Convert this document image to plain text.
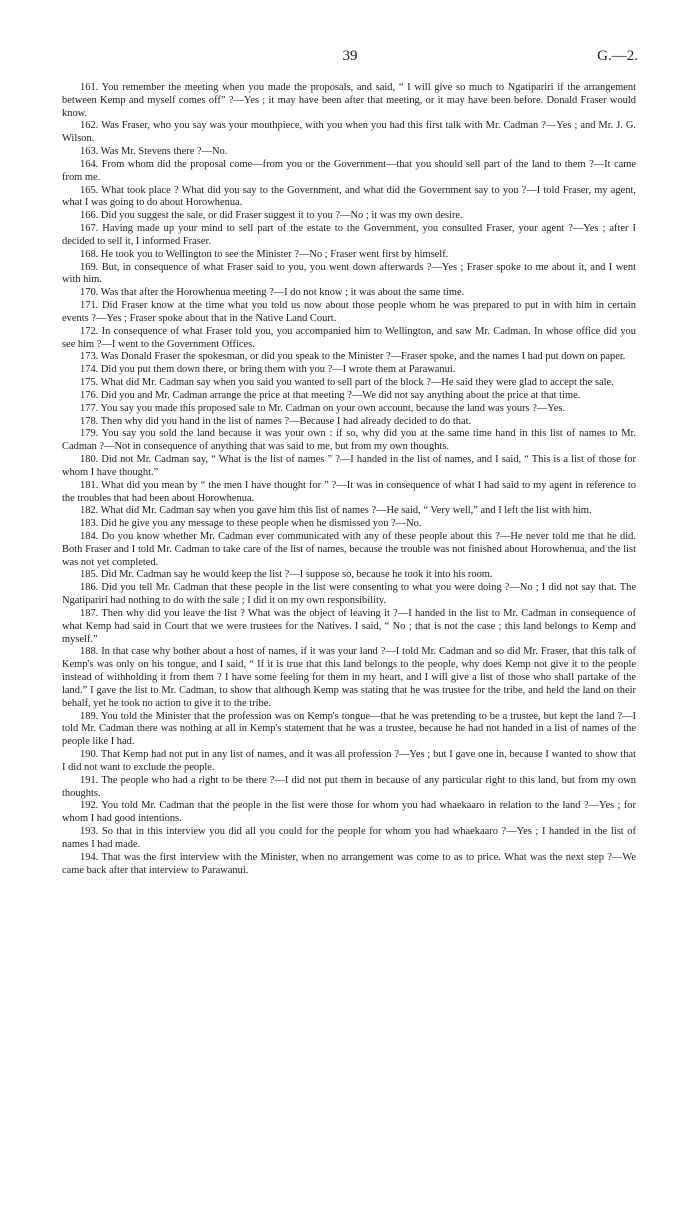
39	G.—2.

161. You remember the meeting when you made the proposals, and said, “ I will give so much to Ngatipariri if the arrangement between Kemp and myself comes off” ?—Yes ; it may have been after that meeting, or it may have been before. Donald Fraser would know.

162. Was Fraser, who you say was your mouthpiece, with you when you had this first talk with Mr. Cadman ?—Yes ; and Mr. J. G. Wilson.

163. Was Mr. Stevens there ?—No.

164. From whom did the proposal come—from you or the Government—that you should sell part of the land to them ?—It came from me.

165. What took place ? What did you say to the Government, and what did the Government say to you ?—I told Fraser, my agent, what I was going to do about Horowhenua.

166. Did you suggest the sale, or did Fraser suggest it to you ?—No ; it was my own desire.

167. Having made up your mind to sell part of the estate to the Government, you consulted Fraser, your agent ?—Yes ; after I decided to sell it, I informed Fraser.

168. He took you to Wellington to see the Minister ?—No ; Fraser went first by himself.

169. But, in consequence of what Fraser said to you, you went down afterwards ?—Yes ; Fraser spoke to me about it, and I went with him.

170. Was that after the Horowhenua meeting ?—I do not know ; it was about the same time.

171. Did Fraser know at the time what you told us now about those people whom he was prepared to put in with him in certain events ?—Yes ; Fraser spoke about that in the Native Land Court.

172. In consequence of what Fraser told you, you accompanied him to Wellington, and saw Mr. Cadman. In whose office did you see him ?—I went to the Government Offices.

173. Was Donald Fraser the spokesman, or did you speak to the Minister ?—Fraser spoke, and the names I had put down on paper.

174. Did you put them down there, or bring them with you ?—I wrote them at Parawanui.

175. What did Mr. Cadman say when you said you wanted to sell part of the block ?—He said they were glad to accept the sale.

176. Did you and Mr. Cadman arrange the price at that meeting ?—We did not say anything about the price at that time.

177. You say you made this proposed sale to Mr. Cadman on your own account, because the land was yours ?—Yes.

178. Then why did you hand in the list of names ?—Because I had already decided to do that.

179. You say you sold the land because it was your own : if so, why did you at the same time hand in this list of names to Mr. Cadman ?—Not in consequence of anything that was said to me, but from my own thoughts.

180. Did not Mr. Cadman say, “ What is the list of names ” ?—I handed in the list of names, and I said, “ This is a list of those for whom I have thought.”

181. What did you mean by “ the men I have thought for ” ?—It was in consequence of what I had said to my agent in reference to the troubles that had been about Horowhenua.

182. What did Mr. Cadman say when you gave him this list of names ?—He said, “ Very well,” and I left the list with him.

183. Did he give you any message to these people when he dismissed you ?—No.

184. Do you know whether Mr. Cadman ever communicated with any of these people about this ?—He never told me that he did. Both Fraser and I told Mr. Cadman to take care of the list of names, because the trouble was not finished about Horowhenua, and the list was not yet completed.

185. Did Mr. Cadman say he would keep the list ?—I suppose so, because he took it into his room.

186. Did you tell Mr. Cadman that these people in the list were consenting to what you were doing ?—No ; I did not say that. The Ngatipariri had nothing to do with the sale ; I did it on my own responsibility.

187. Then why did you leave the list ? What was the object of leaving it ?—I handed in the list to Mr. Cadman in consequence of what Kemp had said in Court that we were trustees for the Natives. I said, “ No ; that is not the case ; this land belongs to Kemp and myself.”

188. In that case why bother about a host of names, if it was your land ?—I told Mr. Cadman and so did Mr. Fraser, that this talk of Kemp's was only on his tongue, and I said, “ If it is true that this land belongs to the people, why does Kemp not give it to the people instead of withholding it from them ? I have some feeling for them in my heart, and I will give a list of those who shall partake of the land.” I gave the list to Mr. Cadman, to show that although Kemp was stating that he was trustee for the tribe, and held the land on their behalf, yet he took no action to give it to the tribe.

189. You told the Minister that the profession was on Kemp's tongue—that he was pretending to be a trustee, but kept the land ?—I told Mr. Cadman there was nothing at all in Kemp's statement that he was a trustee, because he had not handed in a list of names of the people like I had.

190. That Kemp had not put in any list of names, and it was all profession ?—Yes ; but I gave one in, because I wanted to show that I did not want to exclude the people.

191. The people who had a right to be there ?—I did not put them in because of any particular right to this land, but from my own thoughts.

192. You told Mr. Cadman that the people in the list were those for whom you had whaekaaro in relation to the land ?—Yes ; for whom I had good intentions.

193. So that in this interview you did all you could for the people for whom you had whaekaaro ?—Yes ; I handed in the list of names I had made.

194. That was the first interview with the Minister, when no arrangement was come to as to price. What was the next step ?—We came back after that interview to Parawanui.
